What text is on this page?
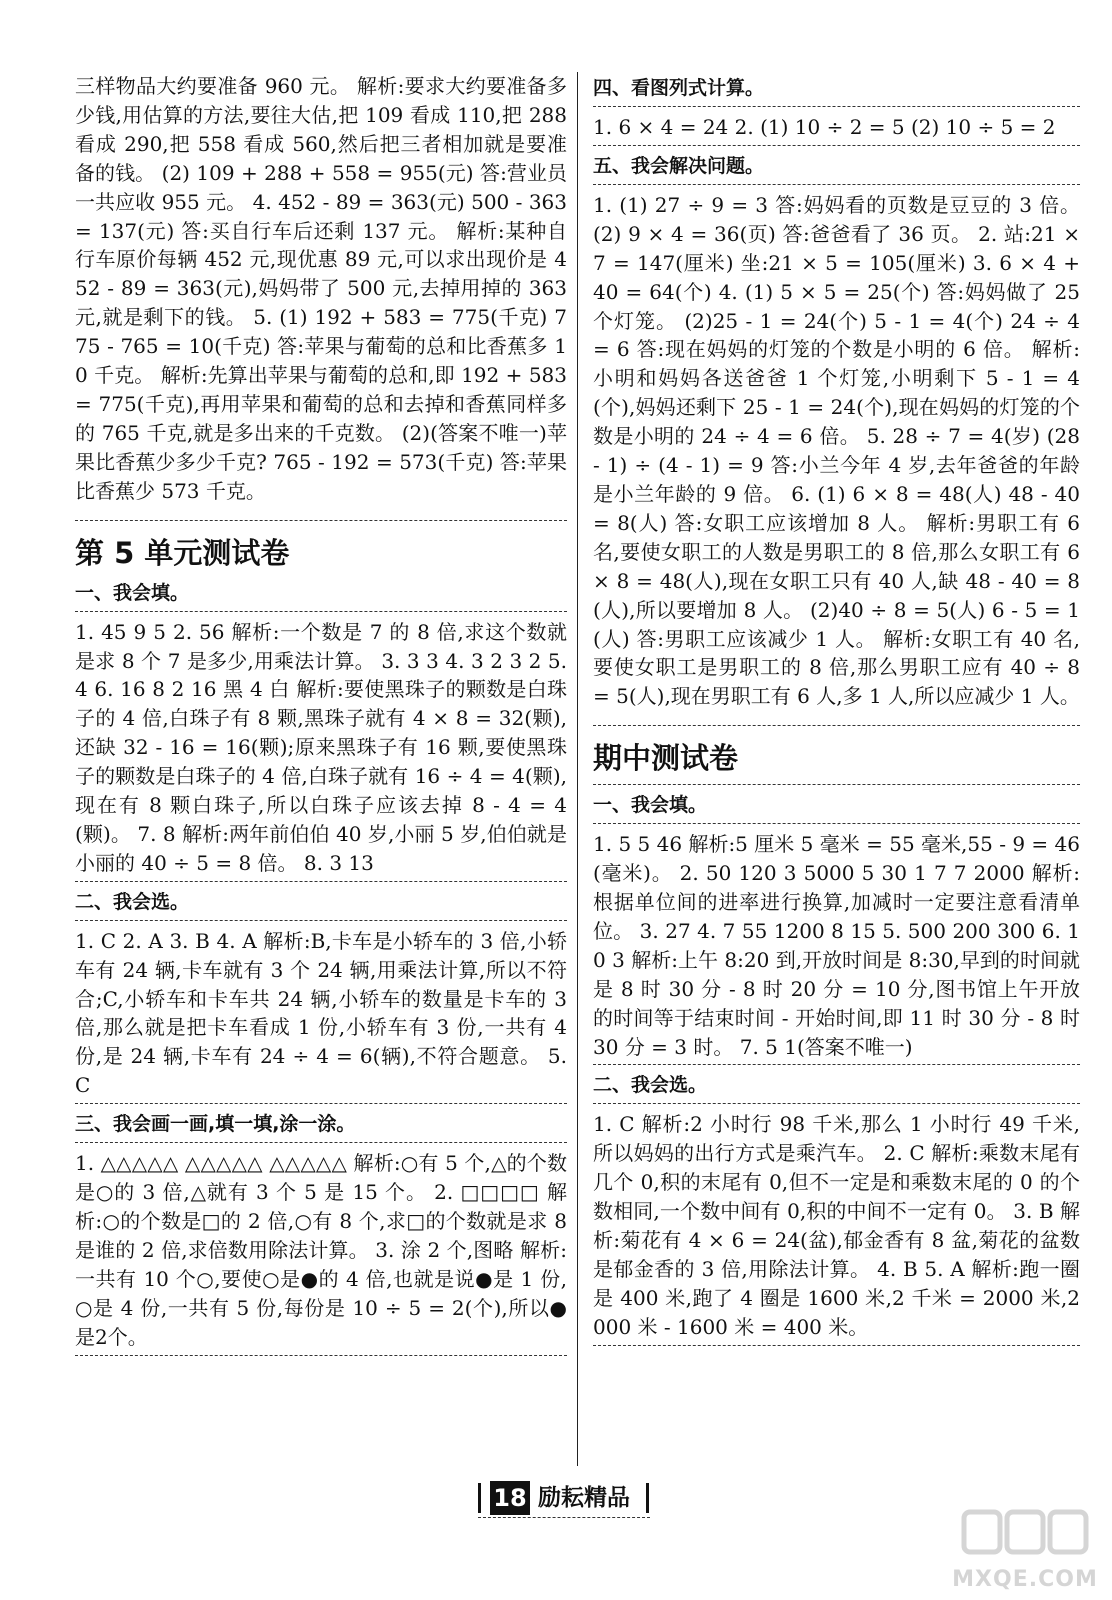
三样物品大约要准备 960 元。 解析:要求大约要准备多少钱,用估算的方法,要往大估,把 109 看成 110,把 288 看成 290,把 558 看成 560,然后把三者相加就是要准备的钱。 (2) 109 + 288 + 558 = 955(元) 答:营业员一共应收 955 元。 4. 452 - 89 = 363(元) 500 - 363 = 137(元) 答:买自行车后还剩 137 元。 解析:某种自行车原价每辆 452 元,现优惠 89 元,可以求出现价是 452 - 89 = 363(元),妈妈带了 500 元,去掉用掉的 363 元,就是剩下的钱。 5. (1) 192 + 583 = 775(千克) 775 - 765 = 10(千克) 答:苹果与葡萄的总和比香蕉多 10 千克。 解析:先算出苹果与葡萄的总和,即 192 + 583 = 775(千克),再用苹果和葡萄的总和去掉和香蕉同样多的 765 千克,就是多出来的千克数。 (2)(答案不唯一)苹果比香蕉少多少千克? 765 - 192 = 573(千克) 答:苹果比香蕉少 573 千克。

第 5 单元测试卷
一、我会填。

1. 45 9 5 2. 56 解析:一个数是 7 的 8 倍,求这个数就是求 8 个 7 是多少,用乘法计算。 3. 3 3 4. 3 2 3 2 5. 4 6. 16 8 2 16 黑 4 白 解析:要使黑珠子的颗数是白珠子的 4 倍,白珠子有 8 颗,黑珠子就有 4 × 8 = 32(颗),还缺 32 - 16 = 16(颗);原来黑珠子有 16 颗,要使黑珠子的颗数是白珠子的 4 倍,白珠子就有 16 ÷ 4 = 4(颗),现在有 8 颗白珠子,所以白珠子应该去掉 8 - 4 = 4(颗)。 7. 8 解析:两年前伯伯 40 岁,小丽 5 岁,伯伯就是小丽的 40 ÷ 5 = 8 倍。 8. 3 13

二、我会选。

1. C 2. A 3. B 4. A 解析:B,卡车是小轿车的 3 倍,小轿车有 24 辆,卡车就有 3 个 24 辆,用乘法计算,所以不符合;C,小轿车和卡车共 24 辆,小轿车的数量是卡车的 3 倍,那么就是把卡车看成 1 份,小轿车有 3 份,一共有 4 份,是 24 辆,卡车有 24 ÷ 4 = 6(辆),不符合题意。 5. C

三、我会画一画,填一填,涂一涂。

1. △△△△△ △△△△△ △△△△△ 解析:○有 5 个,△的个数是○的 3 倍,△就有 3 个 5 是 15 个。 2. □□□□ 解析:○的个数是□的 2 倍,○有 8 个,求□的个数就是求 8 是谁的 2 倍,求倍数用除法计算。 3. 涂 2 个,图略 解析:一共有 10 个○,要使○是●的 4 倍,也就是说●是 1 份,○是 4 份,一共有 5 份,每份是 10 ÷ 5 = 2(个),所以●是2个。

四、看图列式计算。

1. 6 × 4 = 24 2. (1) 10 ÷ 2 = 5 (2) 10 ÷ 5 = 2

五、我会解决问题。

1. (1) 27 ÷ 9 = 3 答:妈妈看的页数是豆豆的 3 倍。 (2) 9 × 4 = 36(页) 答:爸爸看了 36 页。 2. 站:21 × 7 = 147(厘米) 坐:21 × 5 = 105(厘米) 3. 6 × 4 + 40 = 64(个) 4. (1) 5 × 5 = 25(个) 答:妈妈做了 25 个灯笼。 (2)25 - 1 = 24(个) 5 - 1 = 4(个) 24 ÷ 4 = 6 答:现在妈妈的灯笼的个数是小明的 6 倍。 解析:小明和妈妈各送爸爸 1 个灯笼,小明剩下 5 - 1 = 4(个),妈妈还剩下 25 - 1 = 24(个),现在妈妈的灯笼的个数是小明的 24 ÷ 4 = 6 倍。 5. 28 ÷ 7 = 4(岁) (28 - 1) ÷ (4 - 1) = 9 答:小兰今年 4 岁,去年爸爸的年龄是小兰年龄的 9 倍。 6. (1) 6 × 8 = 48(人) 48 - 40 = 8(人) 答:女职工应该增加 8 人。 解析:男职工有 6 名,要使女职工的人数是男职工的 8 倍,那么女职工有 6 × 8 = 48(人),现在女职工只有 40 人,缺 48 - 40 = 8(人),所以要增加 8 人。 (2)40 ÷ 8 = 5(人) 6 - 5 = 1(人) 答:男职工应该减少 1 人。 解析:女职工有 40 名,要使女职工是男职工的 8 倍,那么男职工应有 40 ÷ 8 = 5(人),现在男职工有 6 人,多 1 人,所以应减少 1 人。

期中测试卷
一、我会填。

1. 5 5 46 解析:5 厘米 5 毫米 = 55 毫米,55 - 9 = 46(毫米)。 2. 50 120 3 5000 5 30 1 7 7 2000 解析:根据单位间的进率进行换算,加减时一定要注意看清单位。 3. 27 4. 7 55 1200 8 15 5. 500 200 300 6. 10 3 解析:上午 8:20 到,开放时间是 8:30,早到的时间就是 8 时 30 分 - 8 时 20 分 = 10 分,图书馆上午开放的时间等于结束时间 - 开始时间,即 11 时 30 分 - 8 时 30 分 = 3 时。 7. 5 1(答案不唯一)

二、我会选。

1. C 解析:2 小时行 98 千米,那么 1 小时行 49 千米,所以妈妈的出行方式是乘汽车。 2. C 解析:乘数末尾有几个 0,积的末尾有 0,但不一定是和乘数末尾的 0 的个数相同,一个数中间有 0,积的中间不一定有 0。 3. B 解析:菊花有 4 × 6 = 24(盆),郁金香有 8 盆,菊花的盆数是郁金香的 3 倍,用除法计算。 4. B 5. A 解析:跑一圈是 400 米,跑了 4 圈是 1600 米,2 千米 = 2000 米,2000 米 - 1600 米 = 400 米。

18 励耘精品
MXQE.COM
